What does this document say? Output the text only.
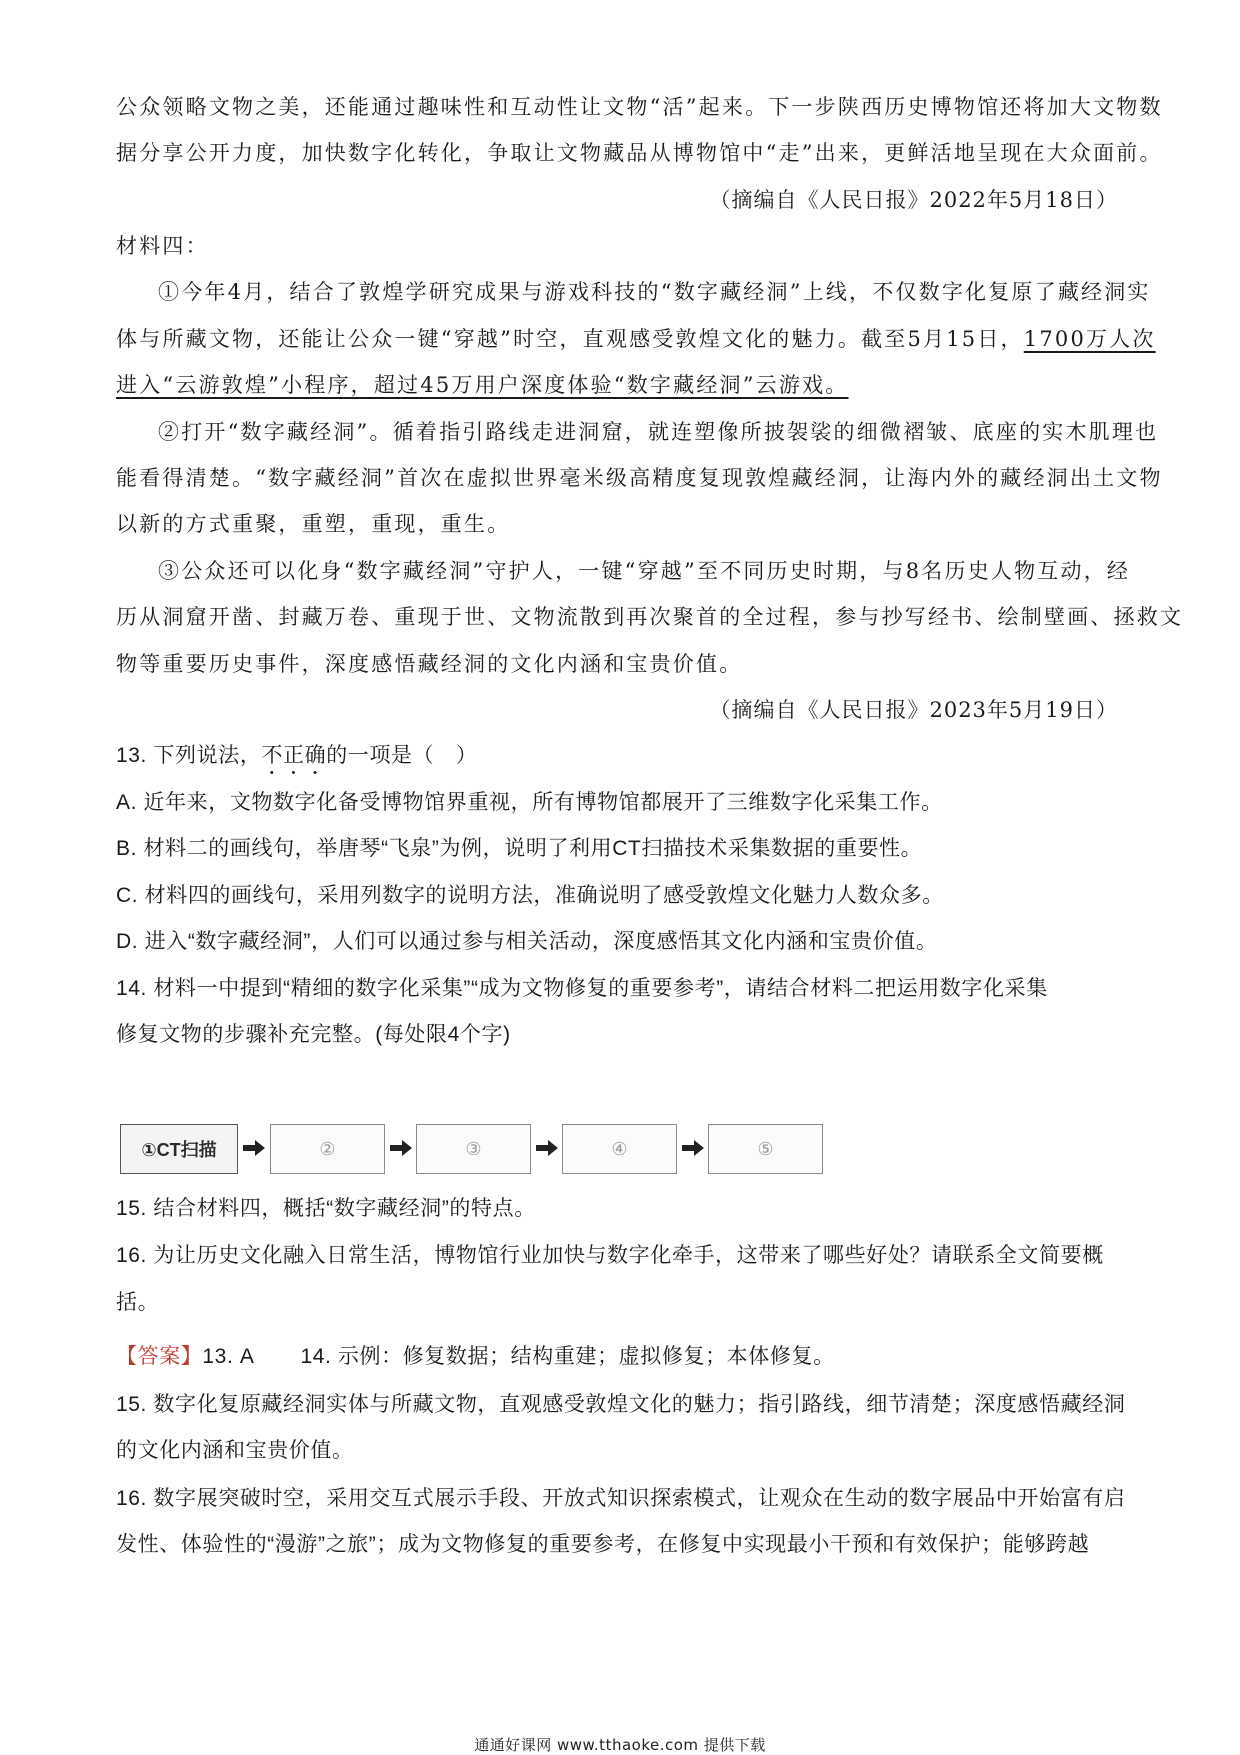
公众领略文物之美，还能通过趣味性和互动性让文物“活”起来。下一步陕西历史博物馆还将加大文物数
据分享公开力度，加快数字化转化，争取让文物藏品从博物馆中“走”出来，更鲜活地呈现在大众面前。
（摘编自《人民日报》2022年5月18日）
材料四：
①今年4月，结合了敦煌学研究成果与游戏科技的“数字藏经洞”上线，不仅数字化复原了藏经洞实
体与所藏文物，还能让公众一键“穿越”时空，直观感受敦煌文化的魅力。截至5月15日，1700万人次
进入“云游敦煌”小程序，超过45万用户深度体验“数字藏经洞”云游戏。
②打开“数字藏经洞”。循着指引路线走进洞窟，就连塑像所披袈裟的细微褶皱、底座的实木肌理也
能看得清楚。“数字藏经洞”首次在虚拟世界毫米级高精度复现敦煌藏经洞，让海内外的藏经洞出土文物
以新的方式重聚，重塑，重现，重生。
③公众还可以化身“数字藏经洞”守护人，一键“穿越”至不同历史时期，与8名历史人物互动，经
历从洞窟开凿、封藏万卷、重现于世、文物流散到再次聚首的全过程，参与抄写经书、绘制壁画、拯救文
物等重要历史事件，深度感悟藏经洞的文化内涵和宝贵价值。
（摘编自《人民日报》2023年5月19日）
13. 下列说法，不正确的一项是（　）
A. 近年来，文物数字化备受博物馆界重视，所有博物馆都展开了三维数字化采集工作。
B. 材料二的画线句，举唐琴“飞泉”为例，说明了利用CT扫描技术采集数据的重要性。
C. 材料四的画线句，采用列数字的说明方法，准确说明了感受敦煌文化魅力人数众多。
D. 进入“数字藏经洞”，人们可以通过参与相关活动，深度感悟其文化内涵和宝贵价值。
14. 材料一中提到“精细的数字化采集”“成为文物修复的重要参考”，请结合材料二把运用数字化采集
修复文物的步骤补充完整。(每处限4个字)
①CT扫描	②	③	④	⑤
15. 结合材料四，概括“数字藏经洞”的特点。
16. 为让历史文化融入日常生活，博物馆行业加快与数字化牵手，这带来了哪些好处？请联系全文简要概
括。
【答案】13. A 14. 示例：修复数据；结构重建；虚拟修复；本体修复。
15. 数字化复原藏经洞实体与所藏文物，直观感受敦煌文化的魅力；指引路线，细节清楚；深度感悟藏经洞
的文化内涵和宝贵价值。
16. 数字展突破时空，采用交互式展示手段、开放式知识探索模式，让观众在生动的数字展品中开始富有启
发性、体验性的“漫游”之旅”；成为文物修复的重要参考，在修复中实现最小干预和有效保护；能够跨越
通通好课网 www.tthaoke.com 提供下载
